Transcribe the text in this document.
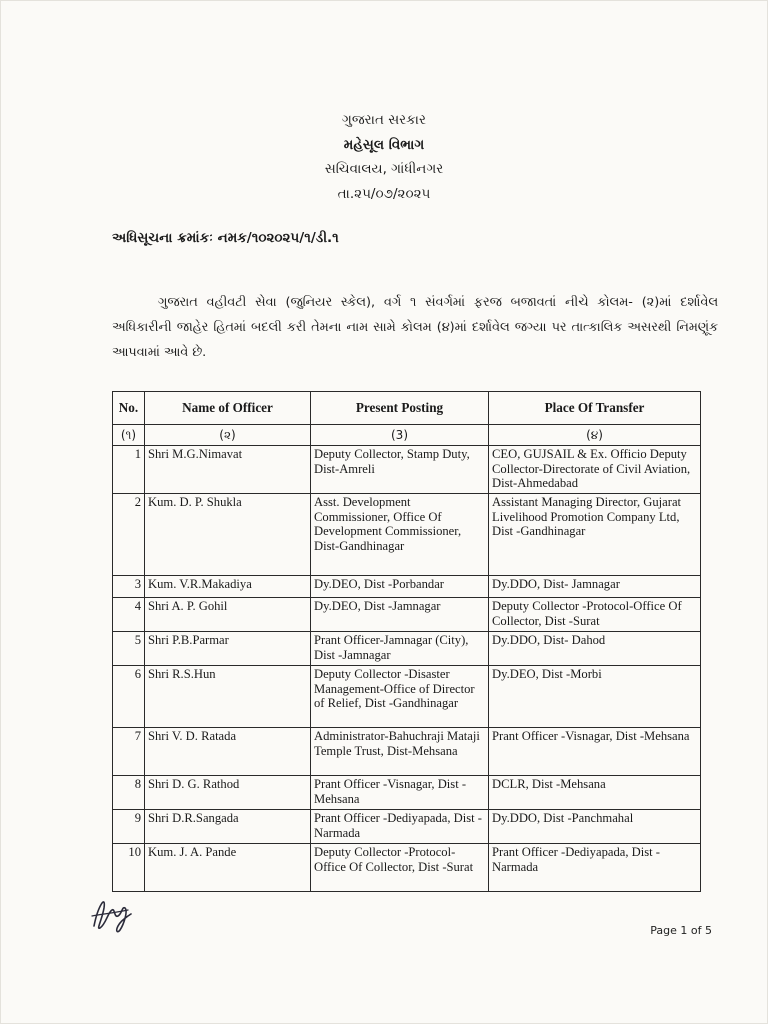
ગુજરાત સરકાર
મહેસૂલ વિભાગ
સચિવાલય, ગાંધીનગર
તા.૨૫/૦૭/૨૦૨૫
અધિસૂચના ક્રમાંકઃ નમક/૧૦૨૦૨૫/૧/ડી.૧
ગુજરાત વહીવટી સેવા (જુનિયર સ્કેલ), વર્ગ ૧ સંવર્ગમાં ફરજ બજાવતાં નીચે કોલમ- (૨)માં દર્શાવેલ અધિકારીની જાહેર હિતમાં બદલી કરી તેમના નામ સામે કોલમ (૪)માં દર્શાવેલ જગ્યા પર તાત્કાલિક અસરથી નિમણૂંક આપવામાં આવે છે.
No.	Name of Officer	Present Posting	Place Of Transfer
(૧)	(૨)	(3)	(૪)
1	Shri M.G.Nimavat	Deputy Collector, Stamp Duty, Dist-Amreli	CEO, GUJSAIL & Ex. Officio Deputy Collector-Directorate of Civil Aviation, Dist-Ahmedabad
2	Kum. D. P. Shukla	Asst. Development Commissioner, Office Of Development Commissioner, Dist-Gandhinagar	Assistant Managing Director, Gujarat Livelihood Promotion Company Ltd, Dist -Gandhinagar
3	Kum. V.R.Makadiya	Dy.DEO, Dist -Porbandar	Dy.DDO, Dist- Jamnagar
4	Shri A. P. Gohil	Dy.DEO, Dist -Jamnagar	Deputy Collector -Protocol-Office Of Collector, Dist -Surat
5	Shri P.B.Parmar	Prant Officer-Jamnagar (City), Dist -Jamnagar	Dy.DDO, Dist- Dahod
6	Shri R.S.Hun	Deputy Collector -Disaster Management-Office of Director of Relief, Dist -Gandhinagar	Dy.DEO, Dist -Morbi
7	Shri V. D. Ratada	Administrator-Bahuchraji Mataji Temple Trust, Dist-Mehsana	Prant Officer -Visnagar, Dist -Mehsana
8	Shri D. G. Rathod	Prant Officer -Visnagar, Dist -Mehsana	DCLR, Dist -Mehsana
9	Shri D.R.Sangada	Prant Officer -Dediyapada, Dist -Narmada	Dy.DDO, Dist -Panchmahal
10	Kum. J. A. Pande	Deputy Collector -Protocol-Office Of Collector, Dist -Surat	Prant Officer -Dediyapada, Dist -Narmada
Page 1 of 5
